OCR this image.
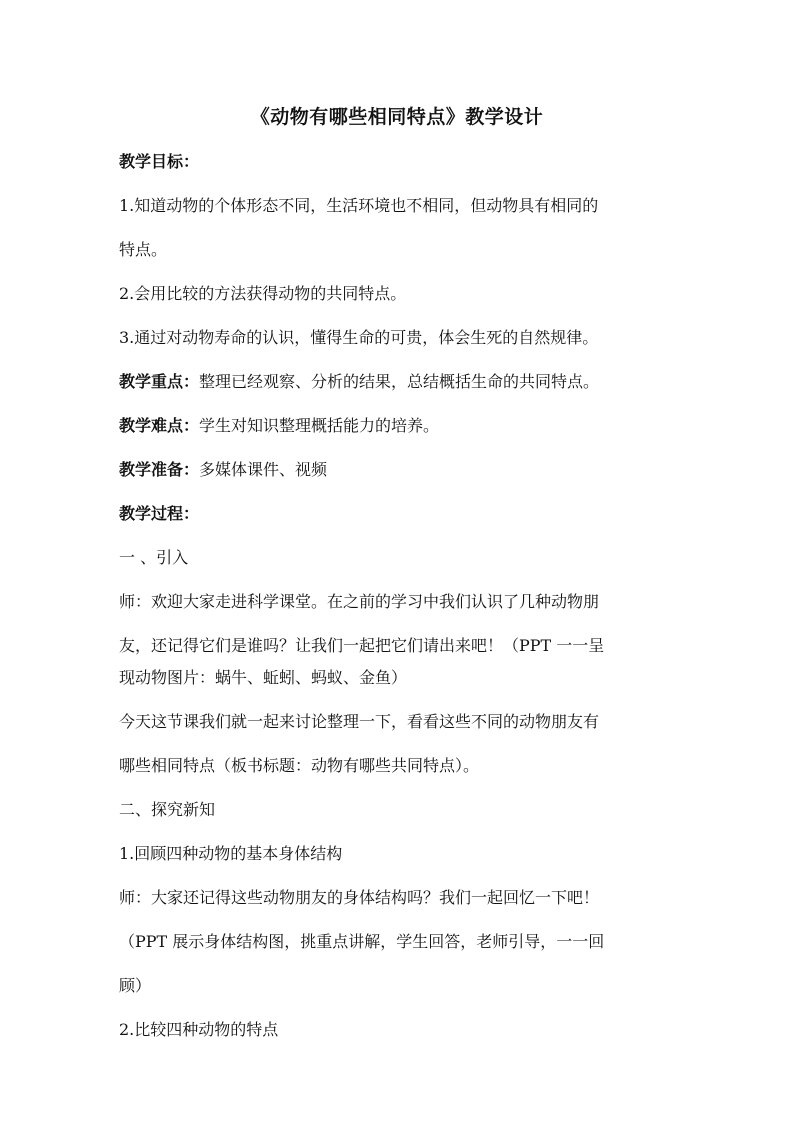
《动物有哪些相同特点》教学设计

教学目标：

1.知道动物的个体形态不同，生活环境也不相同，但动物具有相同的

特点。

2.会用比较的方法获得动物的共同特点。

3.通过对动物寿命的认识，懂得生命的可贵，体会生死的自然规律。

教学重点：整理已经观察、分析的结果，总结概括生命的共同特点。

教学难点：学生对知识整理概括能力的培养。

教学准备：多媒体课件、视频

教学过程：

一 、引入

师：欢迎大家走进科学课堂。在之前的学习中我们认识了几种动物朋

友，还记得它们是谁吗？让我们一起把它们请出来吧！（PPT 一一呈

现动物图片：蜗牛、蚯蚓、蚂蚁、金鱼）

今天这节课我们就一起来讨论整理一下，看看这些不同的动物朋友有

哪些相同特点（板书标题：动物有哪些共同特点）。

二、探究新知

1.回顾四种动物的基本身体结构

师：大家还记得这些动物朋友的身体结构吗？我们一起回忆一下吧！

（PPT 展示身体结构图，挑重点讲解，学生回答，老师引导，一一回

顾）

2.比较四种动物的特点
